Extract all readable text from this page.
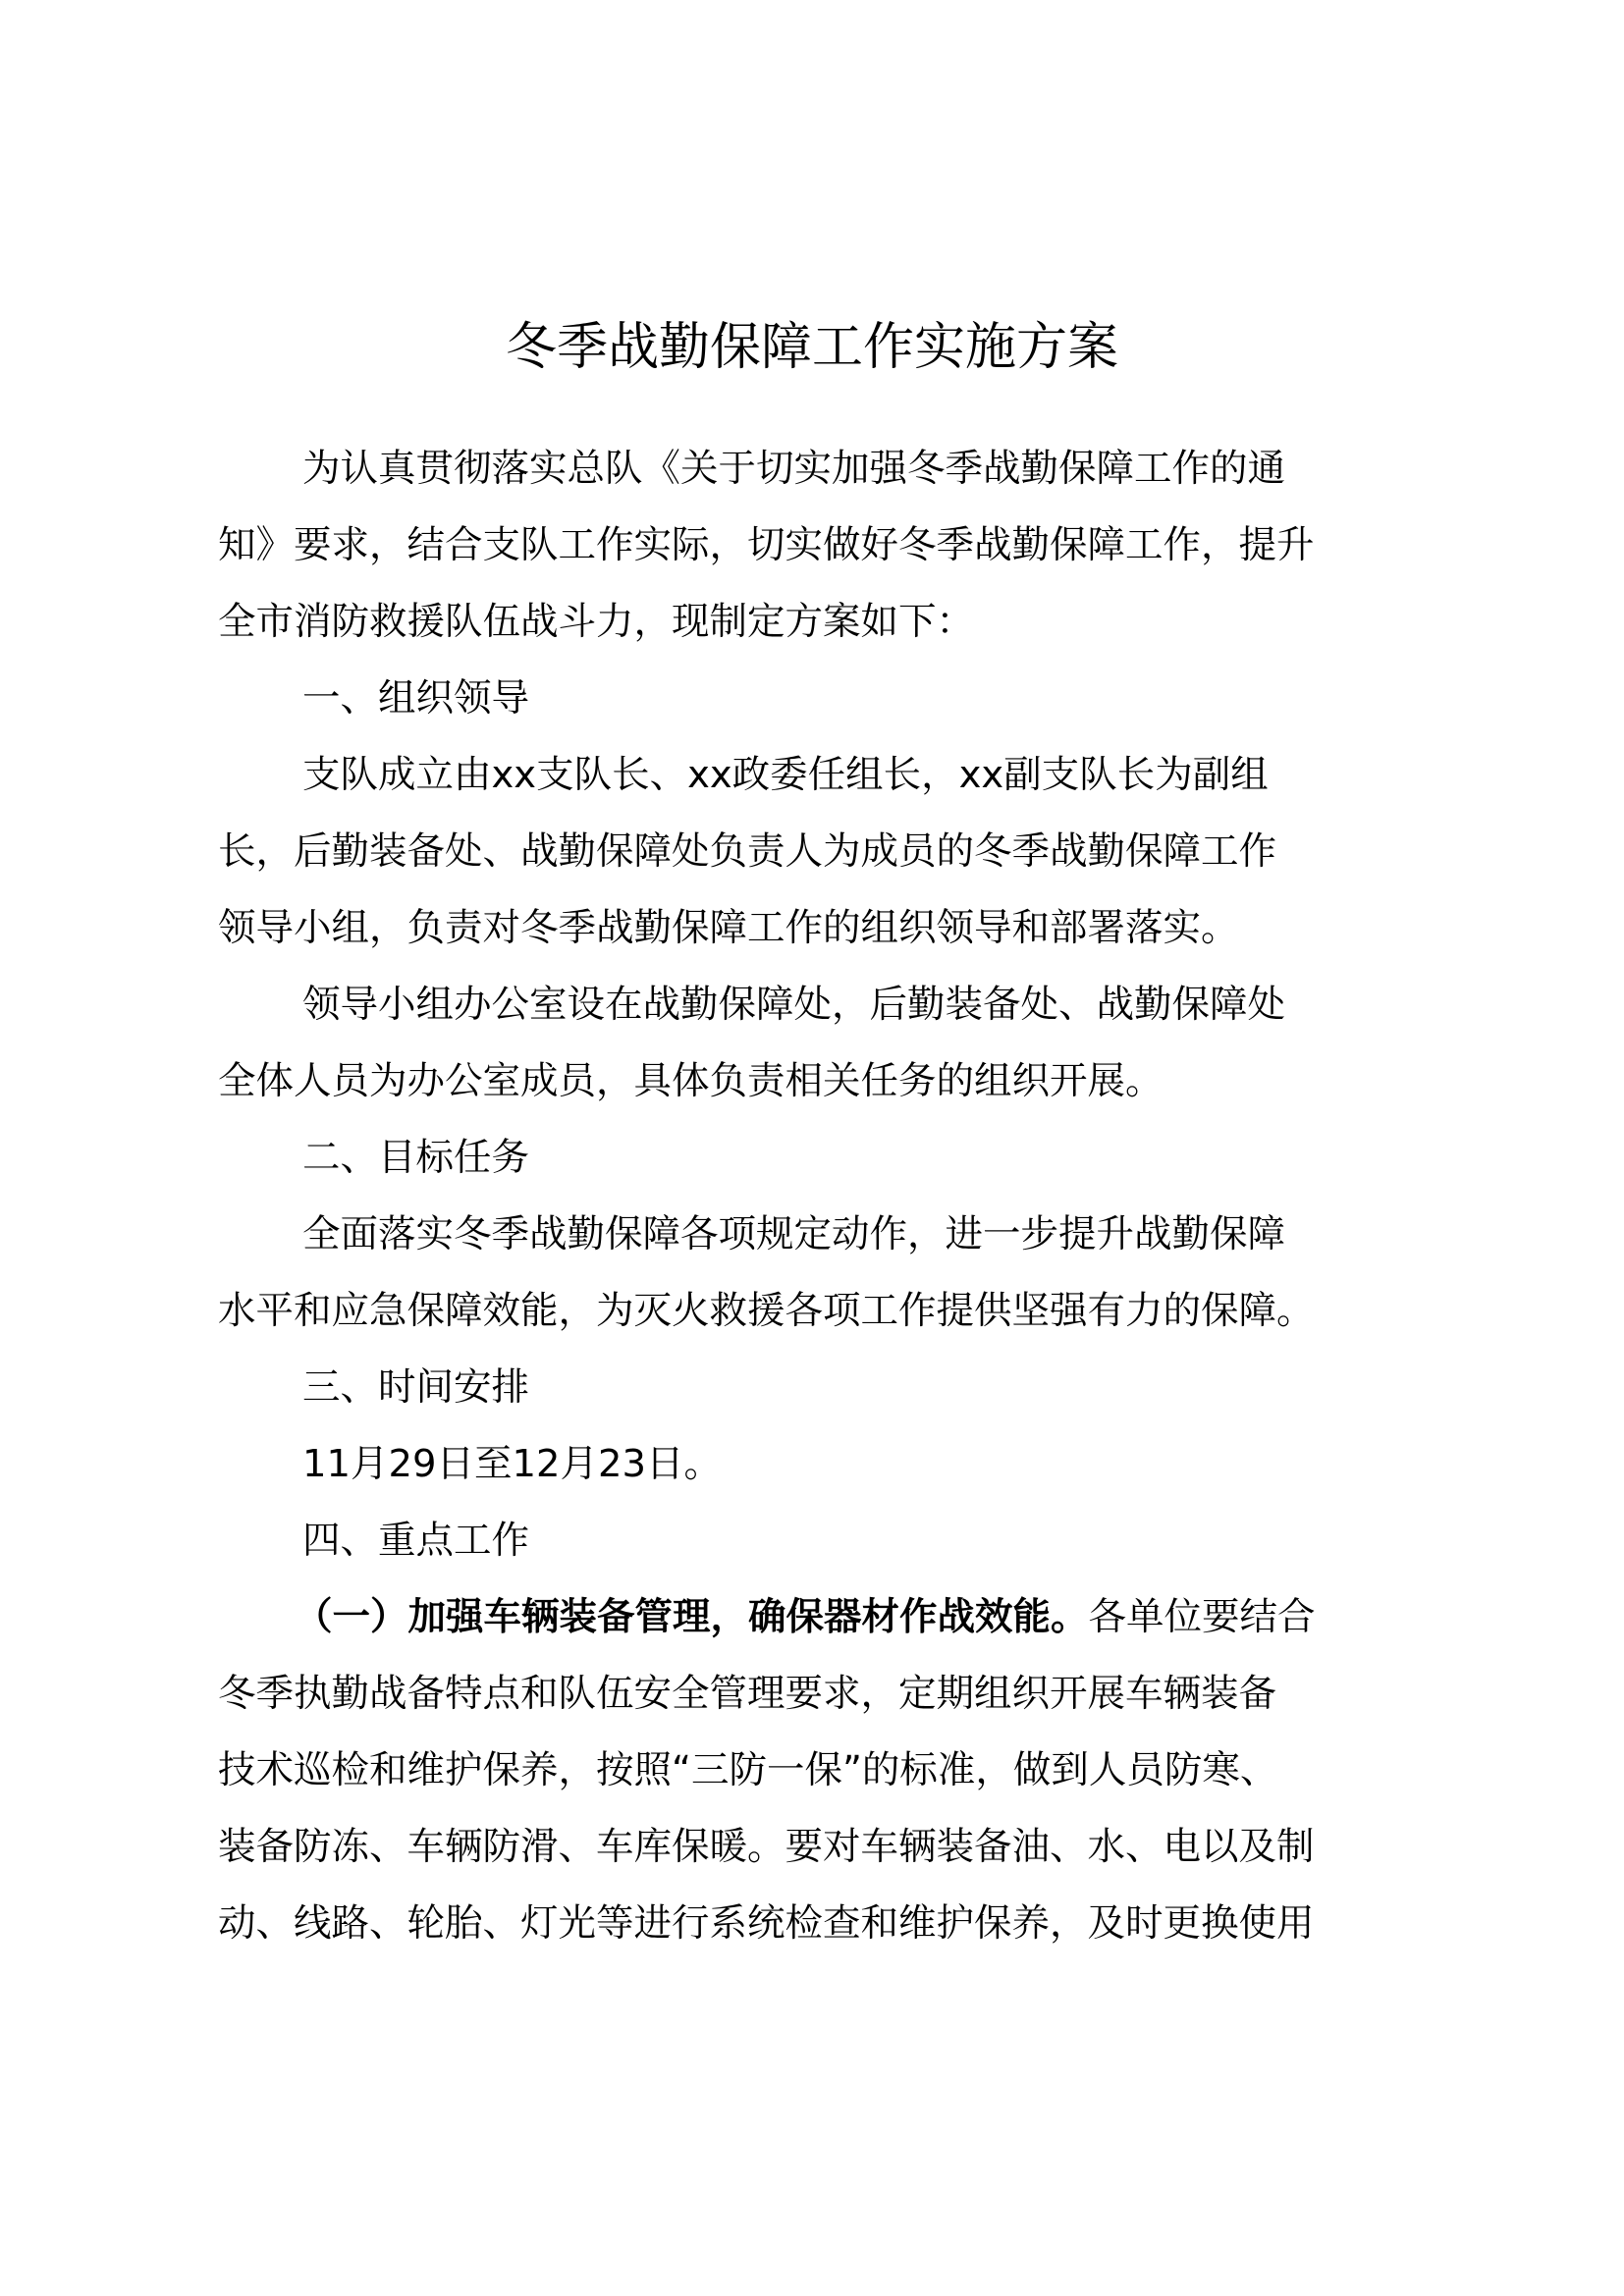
冬季战勤保障工作实施方案
为认真贯彻落实总队《关于切实加强冬季战勤保障工作的通
知》要求，结合支队工作实际，切实做好冬季战勤保障工作，提升
全市消防救援队伍战斗力，现制定方案如下：
一、组织领导
支队成立由xx支队长、xx政委任组长，xx副支队长为副组
长，后勤装备处、战勤保障处负责人为成员的冬季战勤保障工作
领导小组，负责对冬季战勤保障工作的组织领导和部署落实。
领导小组办公室设在战勤保障处，后勤装备处、战勤保障处
全体人员为办公室成员，具体负责相关任务的组织开展。
二、目标任务
全面落实冬季战勤保障各项规定动作，进一步提升战勤保障
水平和应急保障效能，为灭火救援各项工作提供坚强有力的保障。
三、时间安排
11月29日至12月23日。
四、重点工作
（一）加强车辆装备管理，确保器材作战效能。各单位要结合
冬季执勤战备特点和队伍安全管理要求，定期组织开展车辆装备
技术巡检和维护保养，按照“三防一保”的标准，做到人员防寒、
装备防冻、车辆防滑、车库保暖。要对车辆装备油、水、电以及制
动、线路、轮胎、灯光等进行系统检查和维护保养，及时更换使用
